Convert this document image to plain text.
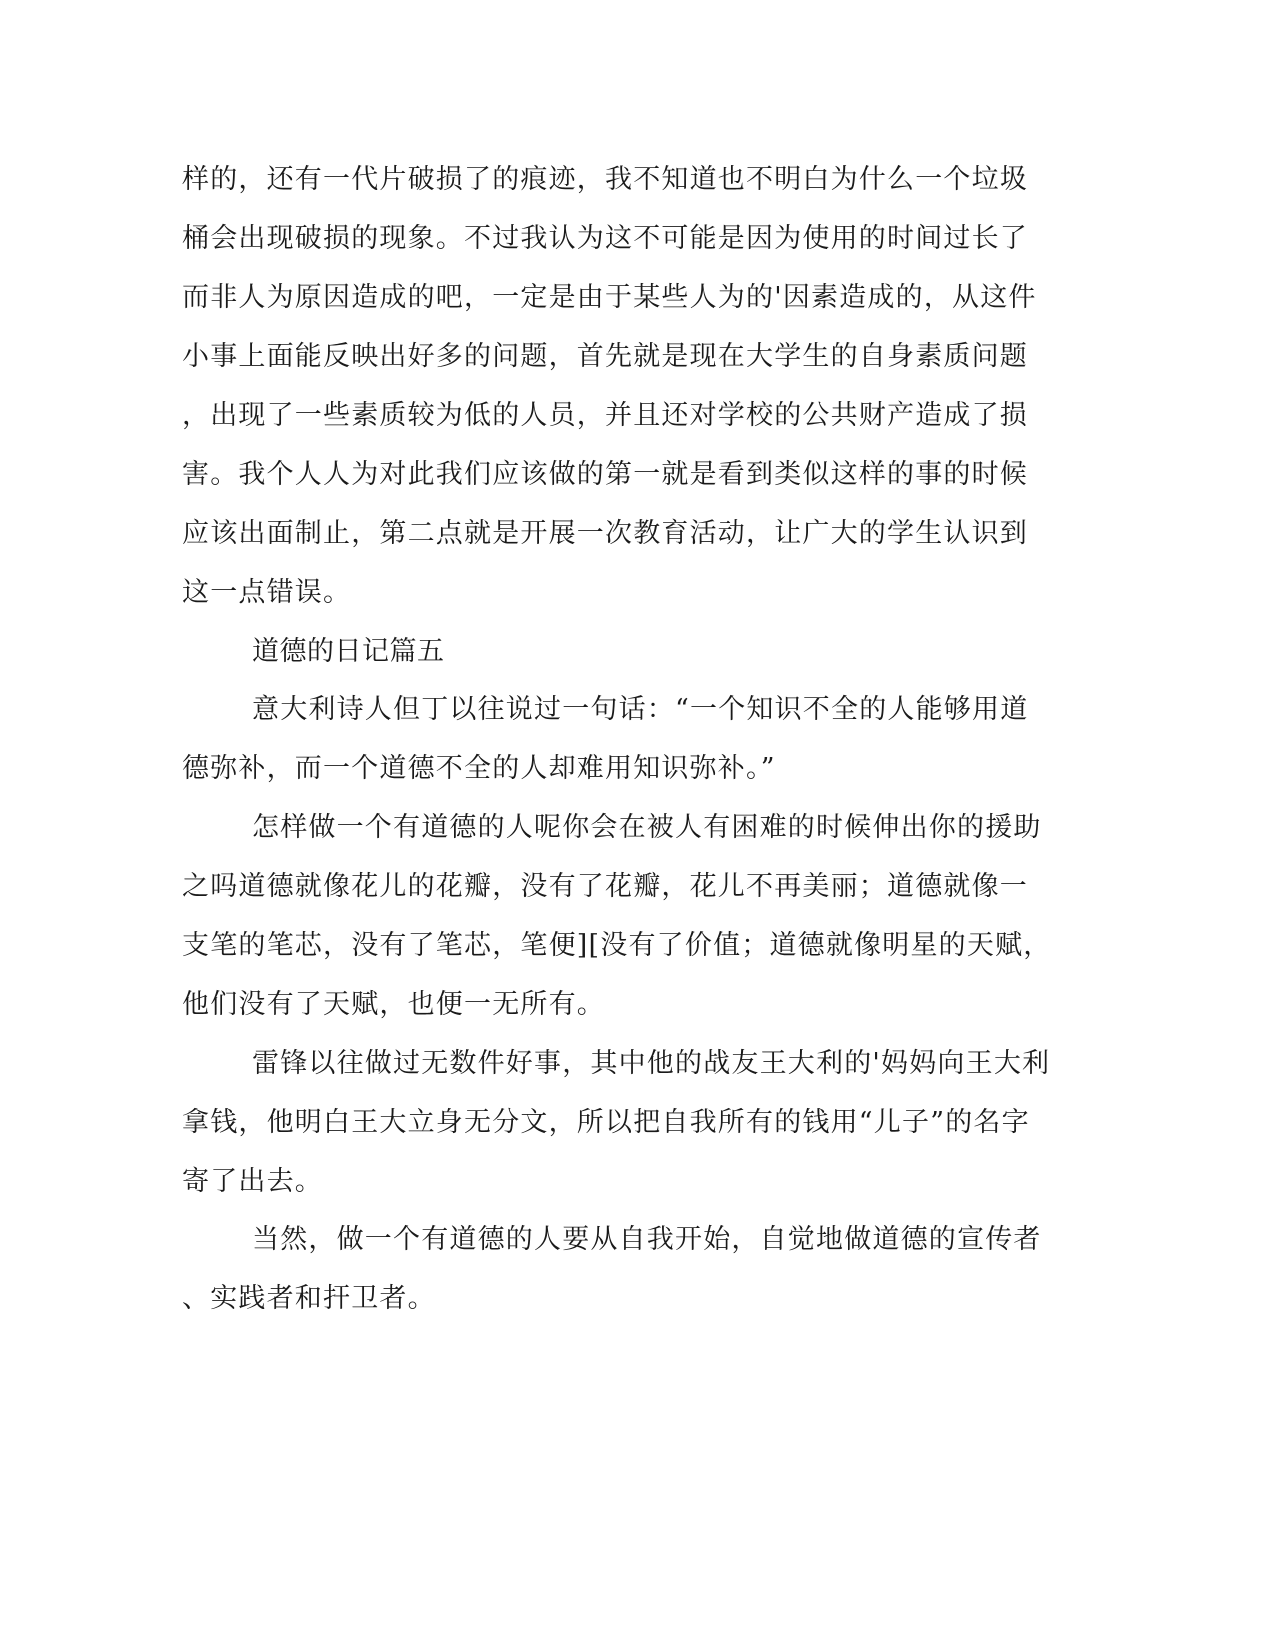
样的，还有一代片破损了的痕迹，我不知道也不明白为什么一个垃圾
桶会出现破损的现象。不过我认为这不可能是因为使用的时间过长了
而非人为原因造成的吧，一定是由于某些人为的'因素造成的，从这件
小事上面能反映出好多的问题，首先就是现在大学生的自身素质问题
，出现了一些素质较为低的人员，并且还对学校的公共财产造成了损
害。我个人人为对此我们应该做的第一就是看到类似这样的事的时候
应该出面制止，第二点就是开展一次教育活动，让广大的学生认识到
这一点错误。
道德的日记篇五
意大利诗人但丁以往说过一句话：“一个知识不全的人能够用道
德弥补，而一个道德不全的人却难用知识弥补。”
怎样做一个有道德的人呢你会在被人有困难的时候伸出你的援助
之吗道德就像花儿的花瓣，没有了花瓣，花儿不再美丽；道德就像一
支笔的笔芯，没有了笔芯，笔便][没有了价值；道德就像明星的天赋，
他们没有了天赋，也便一无所有。
雷锋以往做过无数件好事，其中他的战友王大利的'妈妈向王大利
拿钱，他明白王大立身无分文，所以把自我所有的钱用“儿子”的名字
寄了出去。
当然，做一个有道德的人要从自我开始，自觉地做道德的宣传者
、实践者和扞卫者。
